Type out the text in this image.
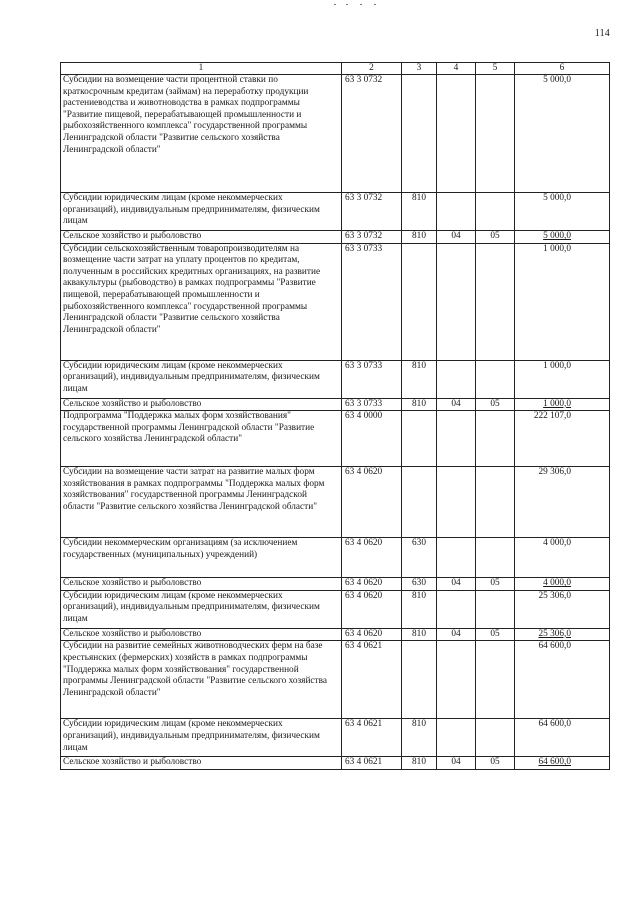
114
1	2	3	4	5	6
Субсидии на возмещение части процентной ставки по краткосрочным кредитам (займам) на переработку продукции растениеводства и животноводства в рамках подпрограммы "Развитие пищевой, перерабатывающей промышленности и рыбохозяйственного комплекса" государственной программы Ленинградской области "Развитие сельского хозяйства Ленинградской области"	63 3 0732				5 000,0
Субсидии юридическим лицам (кроме некоммерческих организаций), индивидуальным предпринимателям, физическим лицам	63 3 0732	810			5 000,0
Сельское хозяйство и рыболовство	63 3 0732	810	04	05	5 000,0
Субсидии сельскохозяйственным товаропроизводителям на возмещение части затрат на уплату процентов по кредитам, полученным в российских кредитных организациях, на развитие аквакультуры (рыбоводство) в рамках подпрограммы "Развитие пищевой, перерабатывающей промышленности и рыбохозяйственного комплекса" государственной программы Ленинградской области "Развитие сельского хозяйства Ленинградской области"	63 3 0733				1 000,0
Субсидии юридическим лицам (кроме некоммерческих организаций), индивидуальным предпринимателям, физическим лицам	63 3 0733	810			1 000,0
Сельское хозяйство и рыболовство	63 3 0733	810	04	05	1 000,0
Подпрограмма "Поддержка малых форм хозяйствования" государственной программы Ленинградской области "Развитие сельского хозяйства Ленинградской области"	63 4 0000				222 107,0
Субсидии на возмещение части затрат на развитие малых форм хозяйствования в рамках подпрограммы "Поддержка малых форм хозяйствования" государственной программы Ленинградской области "Развитие сельского хозяйства Ленинградской области"	63 4 0620				29 306,0
Субсидии некоммерческим организациям (за исключением государственных (муниципальных) учреждений)	63 4 0620	630			4 000,0
Сельское хозяйство и рыболовство	63 4 0620	630	04	05	4 000,0
Субсидии юридическим лицам (кроме некоммерческих организаций), индивидуальным предпринимателям, физическим лицам	63 4 0620	810			25 306,0
Сельское хозяйство и рыболовство	63 4 0620	810	04	05	25 306,0
Субсидии на развитие семейных животноводческих ферм на базе крестьянских (фермерских) хозяйств в рамках подпрограммы "Поддержка малых форм хозяйствования" государственной программы Ленинградской области "Развитие сельского хозяйства Ленинградской области"	63 4 0621				64 600,0
Субсидии юридическим лицам (кроме некоммерческих организаций), индивидуальным предпринимателям, физическим лицам	63 4 0621	810			64 600,0
Сельское хозяйство и рыболовство	63 4 0621	810	04	05	64 600,0
